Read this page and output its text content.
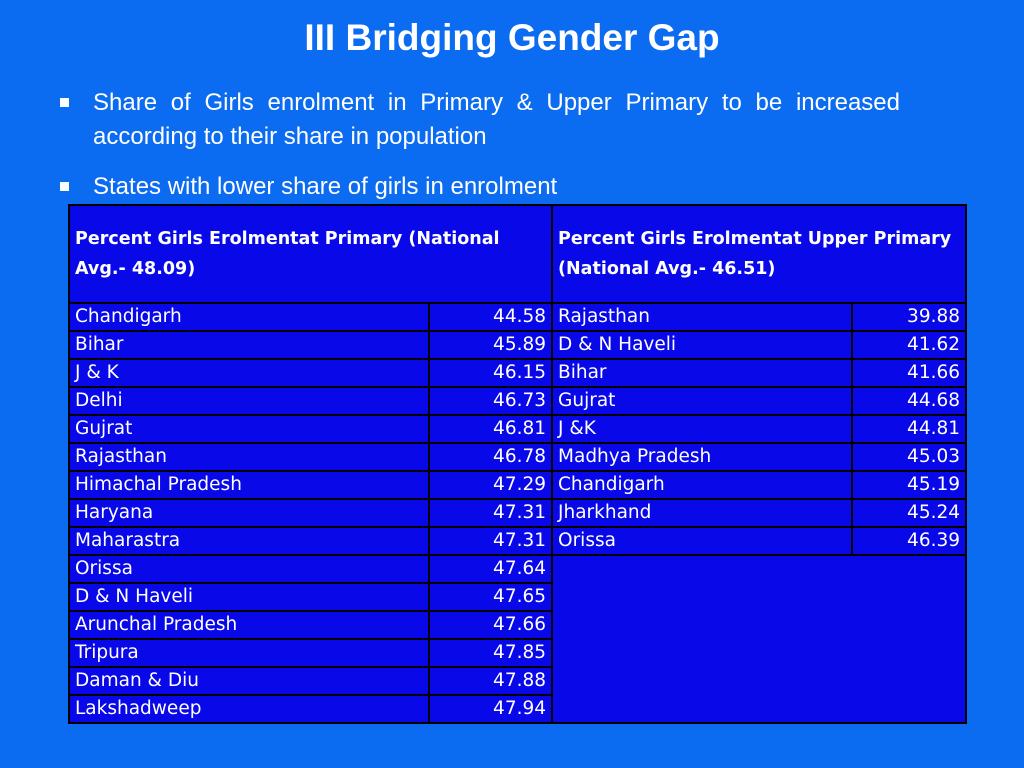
III Bridging Gender Gap
Share of Girls enrolment in Primary & Upper Primary to be increased according to their share in population
States with lower share of girls in enrolment
Percent Girls Erolmentat Primary (National Avg.- 48.09)		Percent Girls Erolmentat Upper Primary (National Avg.- 46.51)	
Chandigarh	44.58	Rajasthan	39.88
Bihar	45.89	D & N Haveli	41.62
J & K	46.15	Bihar	41.66
Delhi	46.73	Gujrat	44.68
Gujrat	46.81	J &K	44.81
Rajasthan	46.78	Madhya Pradesh	45.03
Himachal Pradesh	47.29	Chandigarh	45.19
Haryana	47.31	Jharkhand	45.24
Maharastra	47.31	Orissa	46.39
Orissa	47.64		
D & N Haveli	47.65		
Arunchal Pradesh	47.66		
Tripura	47.85		
Daman & Diu	47.88		
Lakshadweep	47.94		
